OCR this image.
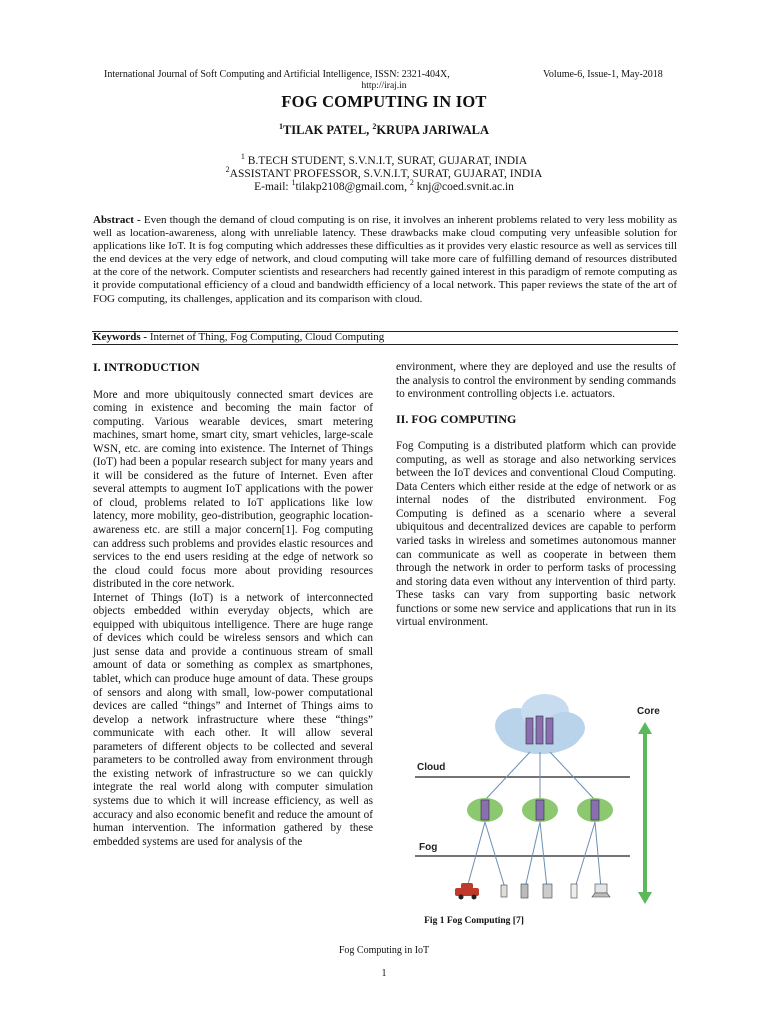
International Journal of Soft Computing and Artificial Intelligence, ISSN: 2321-404X,	Volume-6, Issue-1, May-2018
http://iraj.in
FOG COMPUTING IN IOT
$^1$TILAK PATEL, $^2$KRUPA JARIWALA
$^1$ B.TECH STUDENT, S.V.N.I.T, SURAT, GUJARAT, INDIA
$^2$ASSISTANT PROFESSOR, S.V.N.I.T, SURAT, GUJARAT, INDIA
E-mail: $^1$tilakp2108@gmail.com, $^2$ knj@coed.svnit.ac.in
Abstract - Even though the demand of cloud computing is on rise, it involves an inherent problems related to very less mobility as well as location-awareness, along with unreliable latency. These drawbacks make cloud computing very unfeasible solution for applications like IoT. It is fog computing which addresses these difficulties as it provides very elastic resource as well as services till the end devices at the very edge of network, and cloud computing will take more care of fulfilling demand of resources distributed at the core of the network. Computer scientists and researchers had recently gained interest in this paradigm of remote computing as it provide computational efficiency of a cloud and bandwidth efficiency of a local network. This paper reviews the state of the art of FOG computing, its challenges, application and its comparison with cloud.
Keywords - Internet of Thing, Fog Computing, Cloud Computing

I. INTRODUCTION

More and more ubiquitously connected smart devices are coming in existence and becoming the main factor of computing. Various wearable devices, smart metering machines, smart home, smart city, smart vehicles, large-scale WSN, etc. are coming into existence. The Internet of Things (IoT) had been a popular research subject for many years and it will be considered as the future of Internet. Even after several attempts to augment IoT applications with the power of cloud, problems related to IoT applications like low latency, more mobility, geo-distribution, geographic location-awareness etc. are still a major concern[1]. Fog computing can address such problems and provides elastic resources and services to the end users residing at the edge of network so the cloud could focus more about providing resources distributed in the core network.

Internet of Things (IoT) is a network of interconnected objects embedded within everyday objects, which are equipped with ubiquitous intelligence. There are huge range of devices which could be wireless sensors and which can just sense data and provide a continuous stream of small amount of data or something as complex as smartphones, tablet, which can produce huge amount of data. These groups of sensors and along with small, low-power computational devices are called “things” and Internet of Things aims to develop a network infrastructure where these “things” communicate with each other. It will allow several parameters of different objects to be collected and several parameters to be controlled away from environment through the existing network of infrastructure so we can quickly integrate the real world along with computer simulation systems due to which it will increase efficiency, as well as accuracy and also economic benefit and reduce the amount of human intervention. The information gathered by these embedded systems are used for analysis of the

environment, where they are deployed and use the results of the analysis to control the environment by sending commands to environment controlling objects i.e. actuators.

II. FOG COMPUTING

Fog Computing is a distributed platform which can provide computing, as well as storage and also networking services between the IoT devices and conventional Cloud Computing. Data Centers which either reside at the edge of network or as internal nodes of the distributed environment. Fog Computing is defined as a scenario where a several ubiquitous and decentralized devices are capable to perform varied tasks in wireless and sometimes autonomous manner can communicate as well as cooperate in between them through the network in order to perform tasks of processing and storing data even without any intervention of third party. These tasks can vary from supporting basic network functions or some new service and applications that run in its virtual environment.

Core
Cloud
Fog
Fig 1 Fog Computing [7]
Fog Computing in IoT
1
